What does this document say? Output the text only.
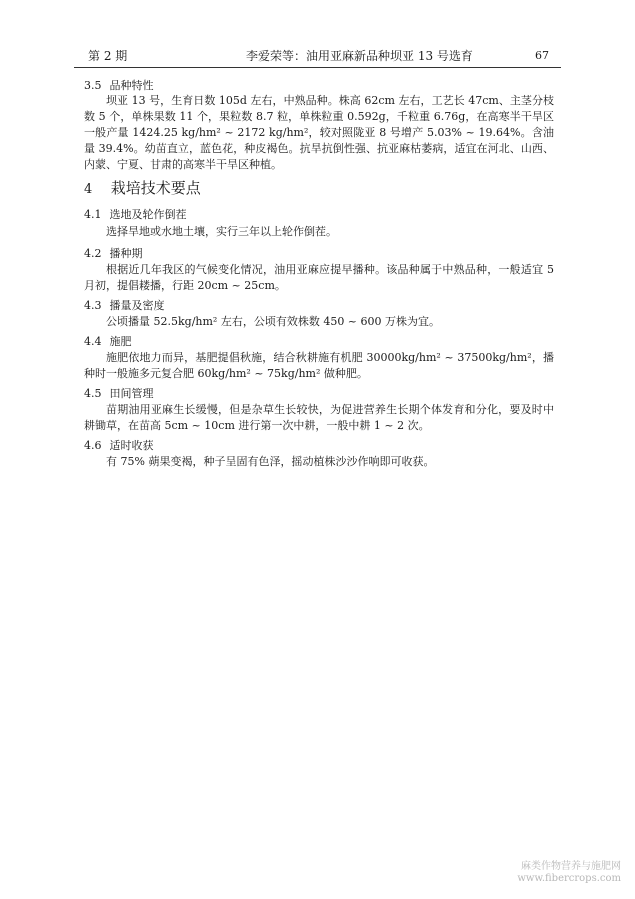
第 2 期	李爱荣等：油用亚麻新品种坝亚 13 号选育	67
3.5 品种特性
坝亚 13 号，生育日数 105d 左右，中熟品种。株高 62cm 左右，工艺长 47cm、主茎分枝数 5 个，单株果数 11 个，果粒数 8.7 粒，单株粒重 0.592g，千粒重 6.76g，在高寒半干旱区一般产量 1424.25 kg/hm² ~ 2172 kg/hm²，较对照陇亚 8 号增产 5.03% ~ 19.64%。含油量 39.4%。幼苗直立，蓝色花，种皮褐色。抗旱抗倒性强、抗亚麻枯萎病，适宜在河北、山西、内蒙、宁夏、甘肃的高寒半干旱区种植。
4 栽培技术要点
4.1 选地及轮作倒茬
选择旱地或水地土壤，实行三年以上轮作倒茬。
4.2 播种期
根据近几年我区的气候变化情况，油用亚麻应提早播种。该品种属于中熟品种，一般适宜 5 月初，提倡耧播，行距 20cm ~ 25cm。
4.3 播量及密度
公顷播量 52.5kg/hm² 左右，公顷有效株数 450 ~ 600 万株为宜。
4.4 施肥
施肥依地力而异，基肥提倡秋施，结合秋耕施有机肥 30000kg/hm² ~ 37500kg/hm²，播种时一般施多元复合肥 60kg/hm² ~ 75kg/hm² 做种肥。
4.5 田间管理
苗期油用亚麻生长缓慢，但是杂草生长较快，为促进营养生长期个体发育和分化，要及时中耕锄草，在苗高 5cm ~ 10cm 进行第一次中耕，一般中耕 1 ~ 2 次。
4.6 适时收获
有 75% 蒴果变褐，种子呈固有色泽，摇动植株沙沙作响即可收获。
麻类作物营养与施肥网
www.fibercrops.com
